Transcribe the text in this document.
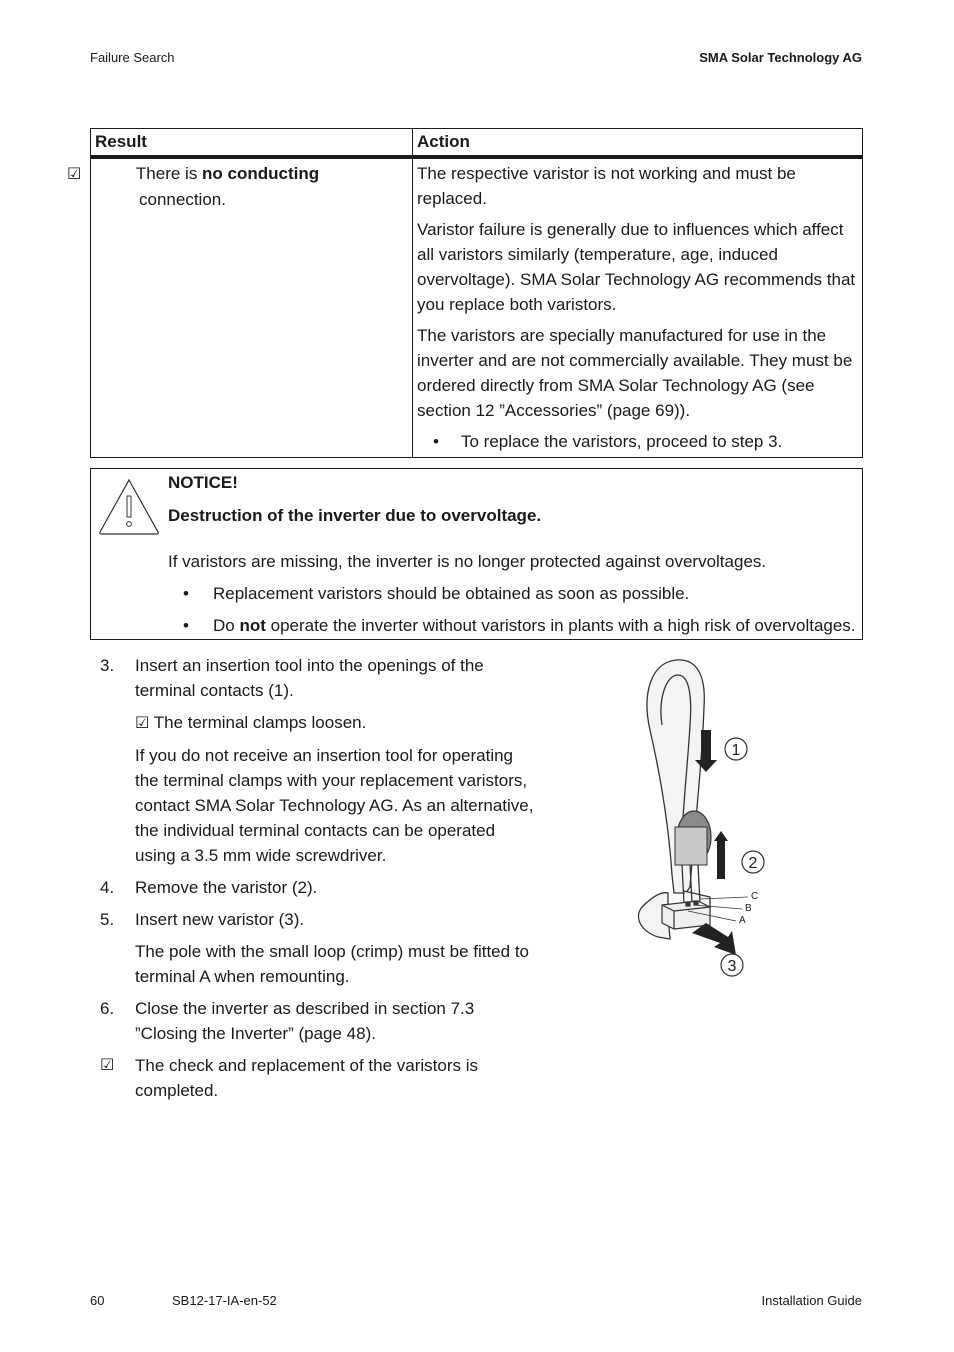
Failure Search	SMA Solar Technology AG
Result	Action

☑ There is no conducting connection.	The respective varistor is not working and must be replaced.

Varistor failure is generally due to influences which affect all varistors similarly (temperature, age, induced overvoltage). SMA Solar Technology AG recommends that you replace both varistors.

The varistors are specially manufactured for use in the inverter and are not commercially available. They must be ordered directly from SMA Solar Technology AG (see section 12 ”Accessories” (page 69)).

• To replace the varistors, proceed to step 3.
NOTICE!
Destruction of the inverter due to overvoltage.
If varistors are missing, the inverter is no longer protected against overvoltages.
• Replacement varistors should be obtained as soon as possible.
• Do not operate the inverter without varistors in plants with a high risk of overvoltages.
3. Insert an insertion tool into the openings of the terminal contacts (1).
☑ The terminal clamps loosen.
If you do not receive an insertion tool for operating the terminal clamps with your replacement varistors, contact SMA Solar Technology AG. As an alternative, the individual terminal contacts can be operated using a 3.5 mm wide screwdriver.
4. Remove the varistor (2).
5. Insert new varistor (3).
The pole with the small loop (crimp) must be fitted to terminal A when remounting.
6. Close the inverter as described in section 7.3 ”Closing the Inverter” (page 48).
☑ The check and replacement of the varistors is completed.
1
2
3
C
B
A
60	SB12-17-IA-en-52	Installation Guide
